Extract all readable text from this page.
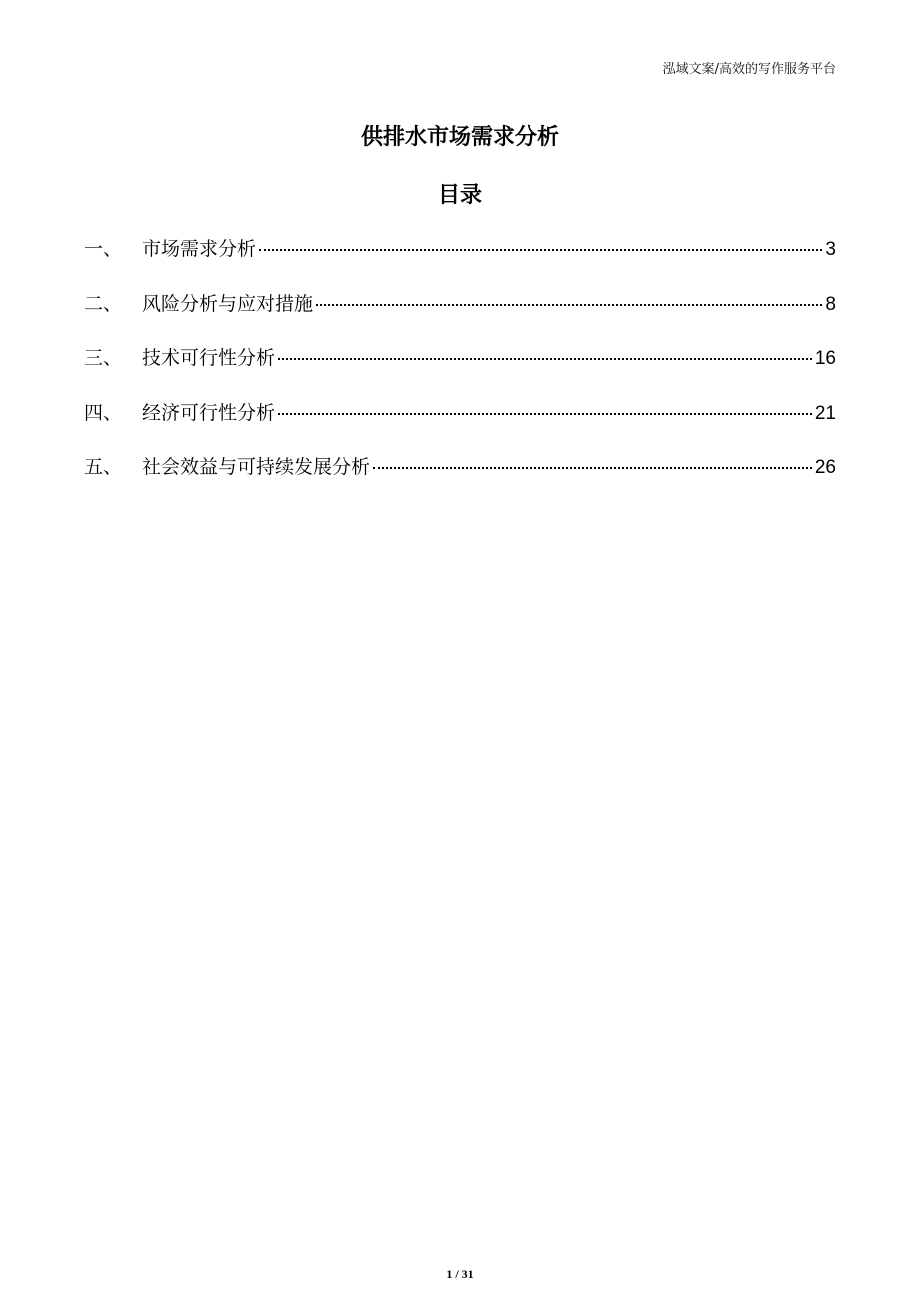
泓域文案/高效的写作服务平台
供排水市场需求分析
目录
一、	市场需求分析	3
二、	风险分析与应对措施	8
三、	技术可行性分析	16
四、	经济可行性分析	21
五、	社会效益与可持续发展分析	26
1 / 31
